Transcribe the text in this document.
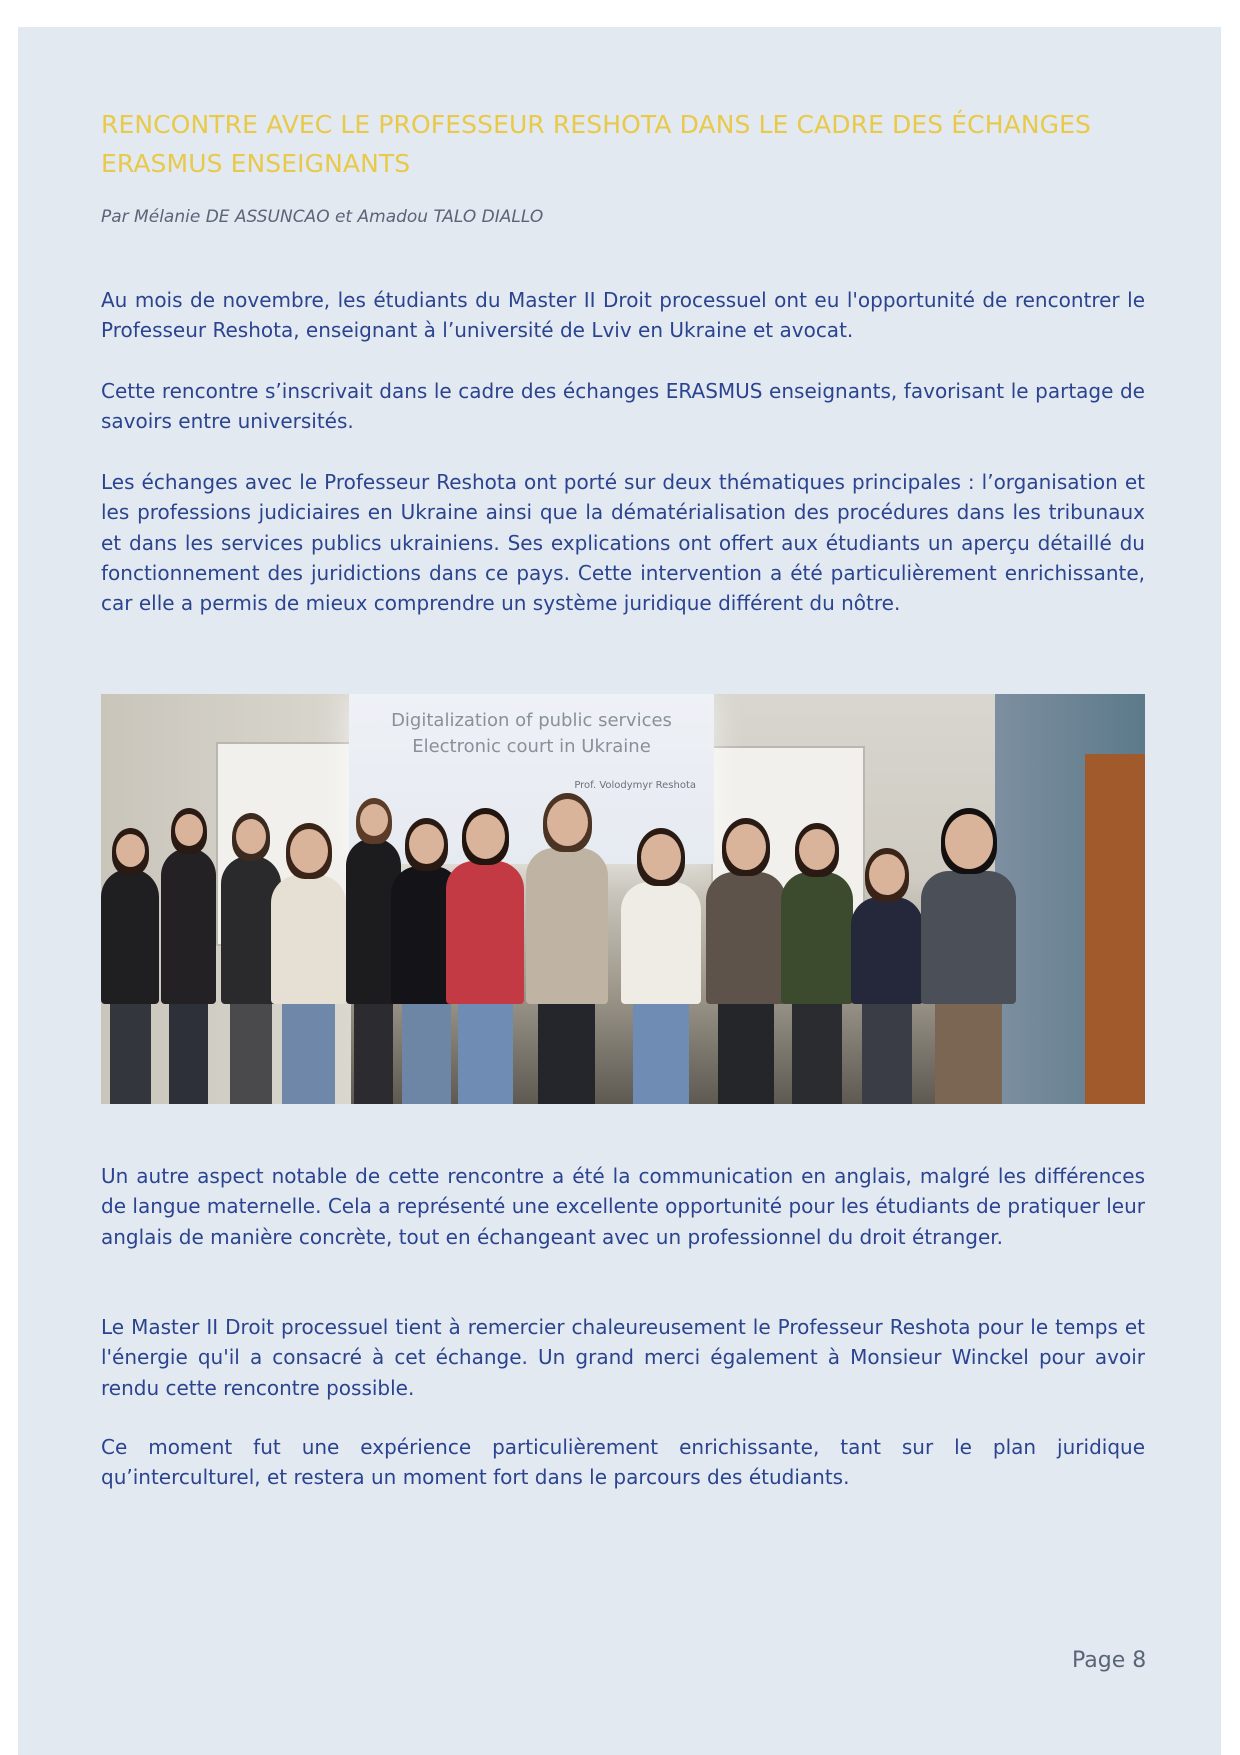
RENCONTRE AVEC LE PROFESSEUR RESHOTA DANS LE CADRE DES ÉCHANGES ERASMUS ENSEIGNANTS

Par Mélanie DE ASSUNCAO et Amadou TALO DIALLO

Au mois de novembre, les étudiants du Master II Droit processuel ont eu l'opportunité de rencontrer le Professeur Reshota, enseignant à l’université de Lviv en Ukraine et avocat.

Cette rencontre s’inscrivait dans le cadre des échanges ERASMUS enseignants, favorisant le partage de savoirs entre universités.

Les échanges avec le Professeur Reshota ont porté sur deux thématiques principales : l’organisation et les professions judiciaires en Ukraine ainsi que la dématérialisation des procédures dans les tribunaux et dans les services publics ukrainiens. Ses explications ont offert aux étudiants un aperçu détaillé du fonctionnement des juridictions dans ce pays. Cette intervention a été particulièrement enrichissante, car elle a permis de mieux comprendre un système juridique différent du nôtre.

Un autre aspect notable de cette rencontre a été la communication en anglais, malgré les différences de langue maternelle. Cela a représenté une excellente opportunité pour les étudiants de pratiquer leur anglais de manière concrète, tout en échangeant avec un professionnel du droit étranger.

Le Master II Droit processuel tient à remercier chaleureusement le Professeur Reshota pour le temps et l'énergie qu'il a consacré à cet échange. Un grand merci également à Monsieur Winckel pour avoir rendu cette rencontre possible.

Ce moment fut une expérience particulièrement enrichissante, tant sur le plan juridique qu’interculturel, et restera un moment fort dans le parcours des étudiants.

Digitalization of public services
Electronic court in Ukraine
Prof. Volodymyr Reshota

Page 8
